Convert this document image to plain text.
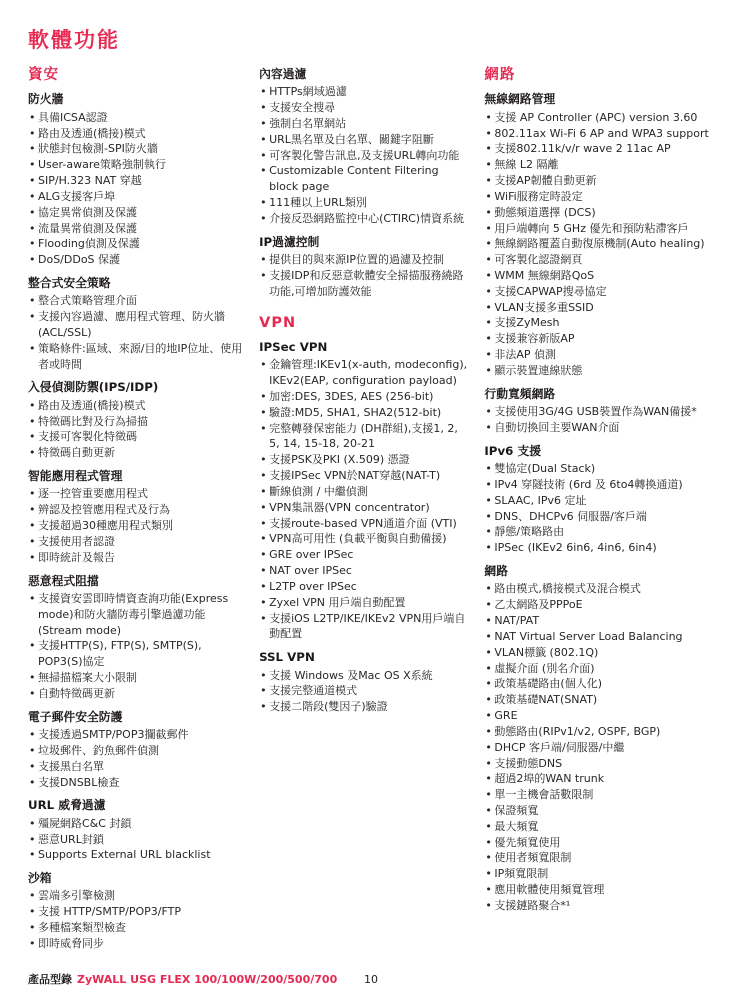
軟體功能
資安
防火牆
• 具備ICSA認證
• 路由及透通(橋接)模式
• 狀態封包檢測-SPI防火牆
• User-aware策略強制執行
• SIP/H.323 NAT 穿越
• ALG支援客戶埠
• 協定異常偵測及保護
• 流量異常偵測及保護
• Flooding偵測及保護
• DoS/DDoS 保護
整合式安全策略
• 整合式策略管理介面
• 支援內容過濾、應用程式管理、防火牆(ACL/SSL)
• 策略條件:區域、來源/目的地IP位址、使用者或時間
入侵偵測防禦(IPS/IDP)
• 路由及透通(橋接)模式
• 特徵碼比對及行為掃描
• 支援可客製化特徵碼
• 特徵碼自動更新
智能應用程式管理
• 逐一控管重要應用程式
• 辨認及控管應用程式及行為
• 支援超過30種應用程式類別
• 支援使用者認證
• 即時統計及報告
惡意程式阻擋
• 支援資安雲即時情資查詢功能(Express mode)和防火牆防毒引擎過濾功能 (Stream mode)
• 支援HTTP(S), FTP(S), SMTP(S), POP3(S)協定
• 無掃描檔案大小限制
• 自動特徵碼更新
電子郵件安全防護
• 支援透過SMTP/POP3攔截郵件
• 垃圾郵件、釣魚郵件偵測
• 支援黑白名單
• 支援DNSBL檢查
URL 威脅過濾
• 殭屍網路C&C 封鎖
• 惡意URL封鎖
• Supports External URL blacklist
沙箱
• 雲端多引擎檢測
• 支援 HTTP/SMTP/POP3/FTP
• 多種檔案類型檢查
• 即時威脅同步
內容過濾
• HTTPs網域過濾
• 支援安全搜尋
• 強制白名單網站
• URL黑名單及白名單、關鍵字阻斷
• 可客製化警告訊息,及支援URL轉向功能
• Customizable Content Filtering block page
• 111種以上URL類別
• 介接反恐網路監控中心(CTIRC)情資系統
IP過濾控制
• 提供目的與來源IP位置的過濾及控制
• 支援IDP和反惡意軟體安全掃描服務繞路功能,可增加防護效能
VPN
IPSec VPN
• 金鑰管理:IKEv1(x-auth, modeconfig), IKEv2(EAP, configuration payload)
• 加密:DES, 3DES, AES (256-bit)
• 驗證:MD5, SHA1, SHA2(512-bit)
• 完整轉發保密能力 (DH群組),支援1, 2, 5, 14, 15-18, 20-21
• 支援PSK及PKI (X.509) 憑證
• 支援IPSec VPN於NAT穿越(NAT-T)
• 斷線偵測 / 中繼偵測
• VPN集訊器(VPN concentrator)
• 支援route-based VPN通道介面 (VTI)
• VPN高可用性 (負載平衡與自動備援)
• GRE over IPSec
• NAT over IPSec
• L2TP over IPSec
• Zyxel VPN 用戶端自動配置
• 支援iOS L2TP/IKE/IKEv2 VPN用戶端自動配置
SSL VPN
• 支援 Windows 及Mac OS X系統
• 支援完整通道模式
• 支援二階段(雙因子)驗證
網路
無線網路管理
• 支援 AP Controller (APC) version 3.60
• 802.11ax Wi-Fi 6 AP and WPA3 support
• 支援802.11k/v/r wave 2 11ac AP
• 無線 L2 隔離
• 支援AP韌體自動更新
• WiFi服務定時設定
• 動態頻道選擇 (DCS)
• 用戶端轉向 5 GHz 優先和預防粘滯客戶
• 無線網路覆蓋自動復原機制(Auto healing)
• 可客製化認證網頁
• WMM 無線網路QoS
• 支援CAPWAP搜尋協定
• VLAN支援多重SSID
• 支援ZyMesh
• 支援兼容新版AP
• 非法AP 偵測
• 顯示裝置連線狀態
行動寬頻網路
• 支援使用3G/4G USB裝置作為WAN備援*
• 自動切換回主要WAN介面
IPv6 支援
• 雙協定(Dual Stack)
• IPv4 穿隧技術 (6rd 及 6to4轉換通道)
• SLAAC, IPv6 定址
• DNS、DHCPv6 伺服器/客戶端
• 靜態/策略路由
• IPSec (IKEv2 6in6, 4in6, 6in4)
網路
• 路由模式,橋接模式及混合模式
• 乙太網路及PPPoE
• NAT/PAT
• NAT Virtual Server Load Balancing
• VLAN標籤 (802.1Q)
• 虛擬介面 (別名介面)
• 政策基礎路由(個人化)
• 政策基礎NAT(SNAT)
• GRE
• 動態路由(RIPv1/v2, OSPF, BGP)
• DHCP 客戶端/伺服器/中繼
• 支援動態DNS
• 超過2埠的WAN trunk
• 單一主機會話數限制
• 保證頻寬
• 最大頻寬
• 優先頻寬使用
• 使用者頻寬限制
• IP頻寬限制
• 應用軟體使用頻寬管理
• 支援鏈路聚合*¹
產品型錄 ZyWALL USG FLEX 100/100W/200/500/700 10
